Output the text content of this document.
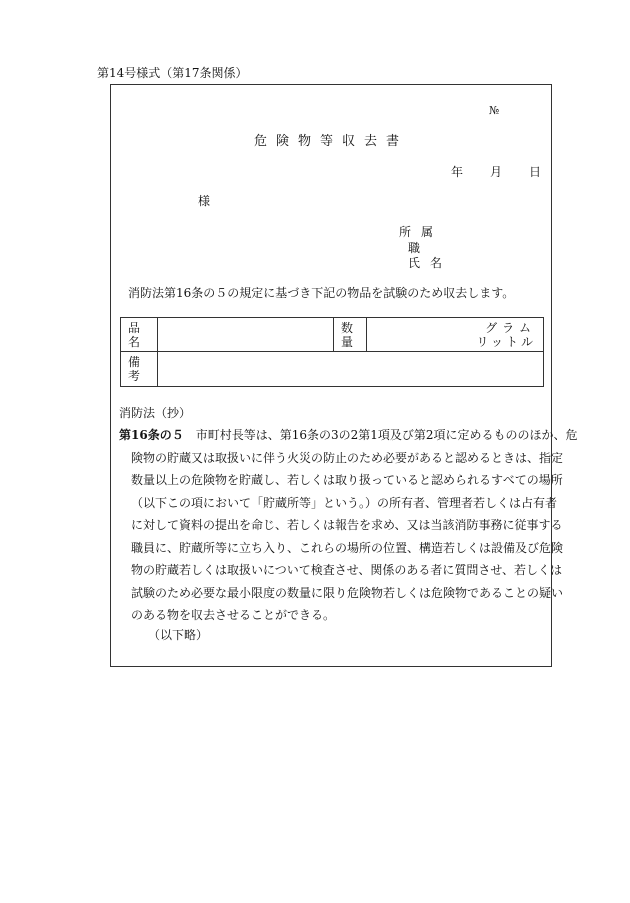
第14号様式（第17条関係）
№
危険物等収去書
年 月 日
様
所属
職
氏名
消防法第16条の５の規定に基づき下記の物品を試験のため収去します。
品名		数量	グラム
リットル

備考			
消防法（抄）
第16条の５ 市町村長等は、第16条の3の2第1項及び第2項に定めるもののほか、危
険物の貯蔵又は取扱いに伴う火災の防止のため必要があると認めるときは、指定
数量以上の危険物を貯蔵し、若しくは取り扱っていると認められるすべての場所
（以下この項において「貯蔵所等」という。）の所有者、管理者若しくは占有者
に対して資料の提出を命じ、若しくは報告を求め、又は当該消防事務に従事する
職員に、貯蔵所等に立ち入り、これらの場所の位置、構造若しくは設備及び危険
物の貯蔵若しくは取扱いについて検査させ、関係のある者に質問させ、若しくは
試験のため必要な最小限度の数量に限り危険物若しくは危険物であることの疑い
のある物を収去させることができる。
（以下略）
